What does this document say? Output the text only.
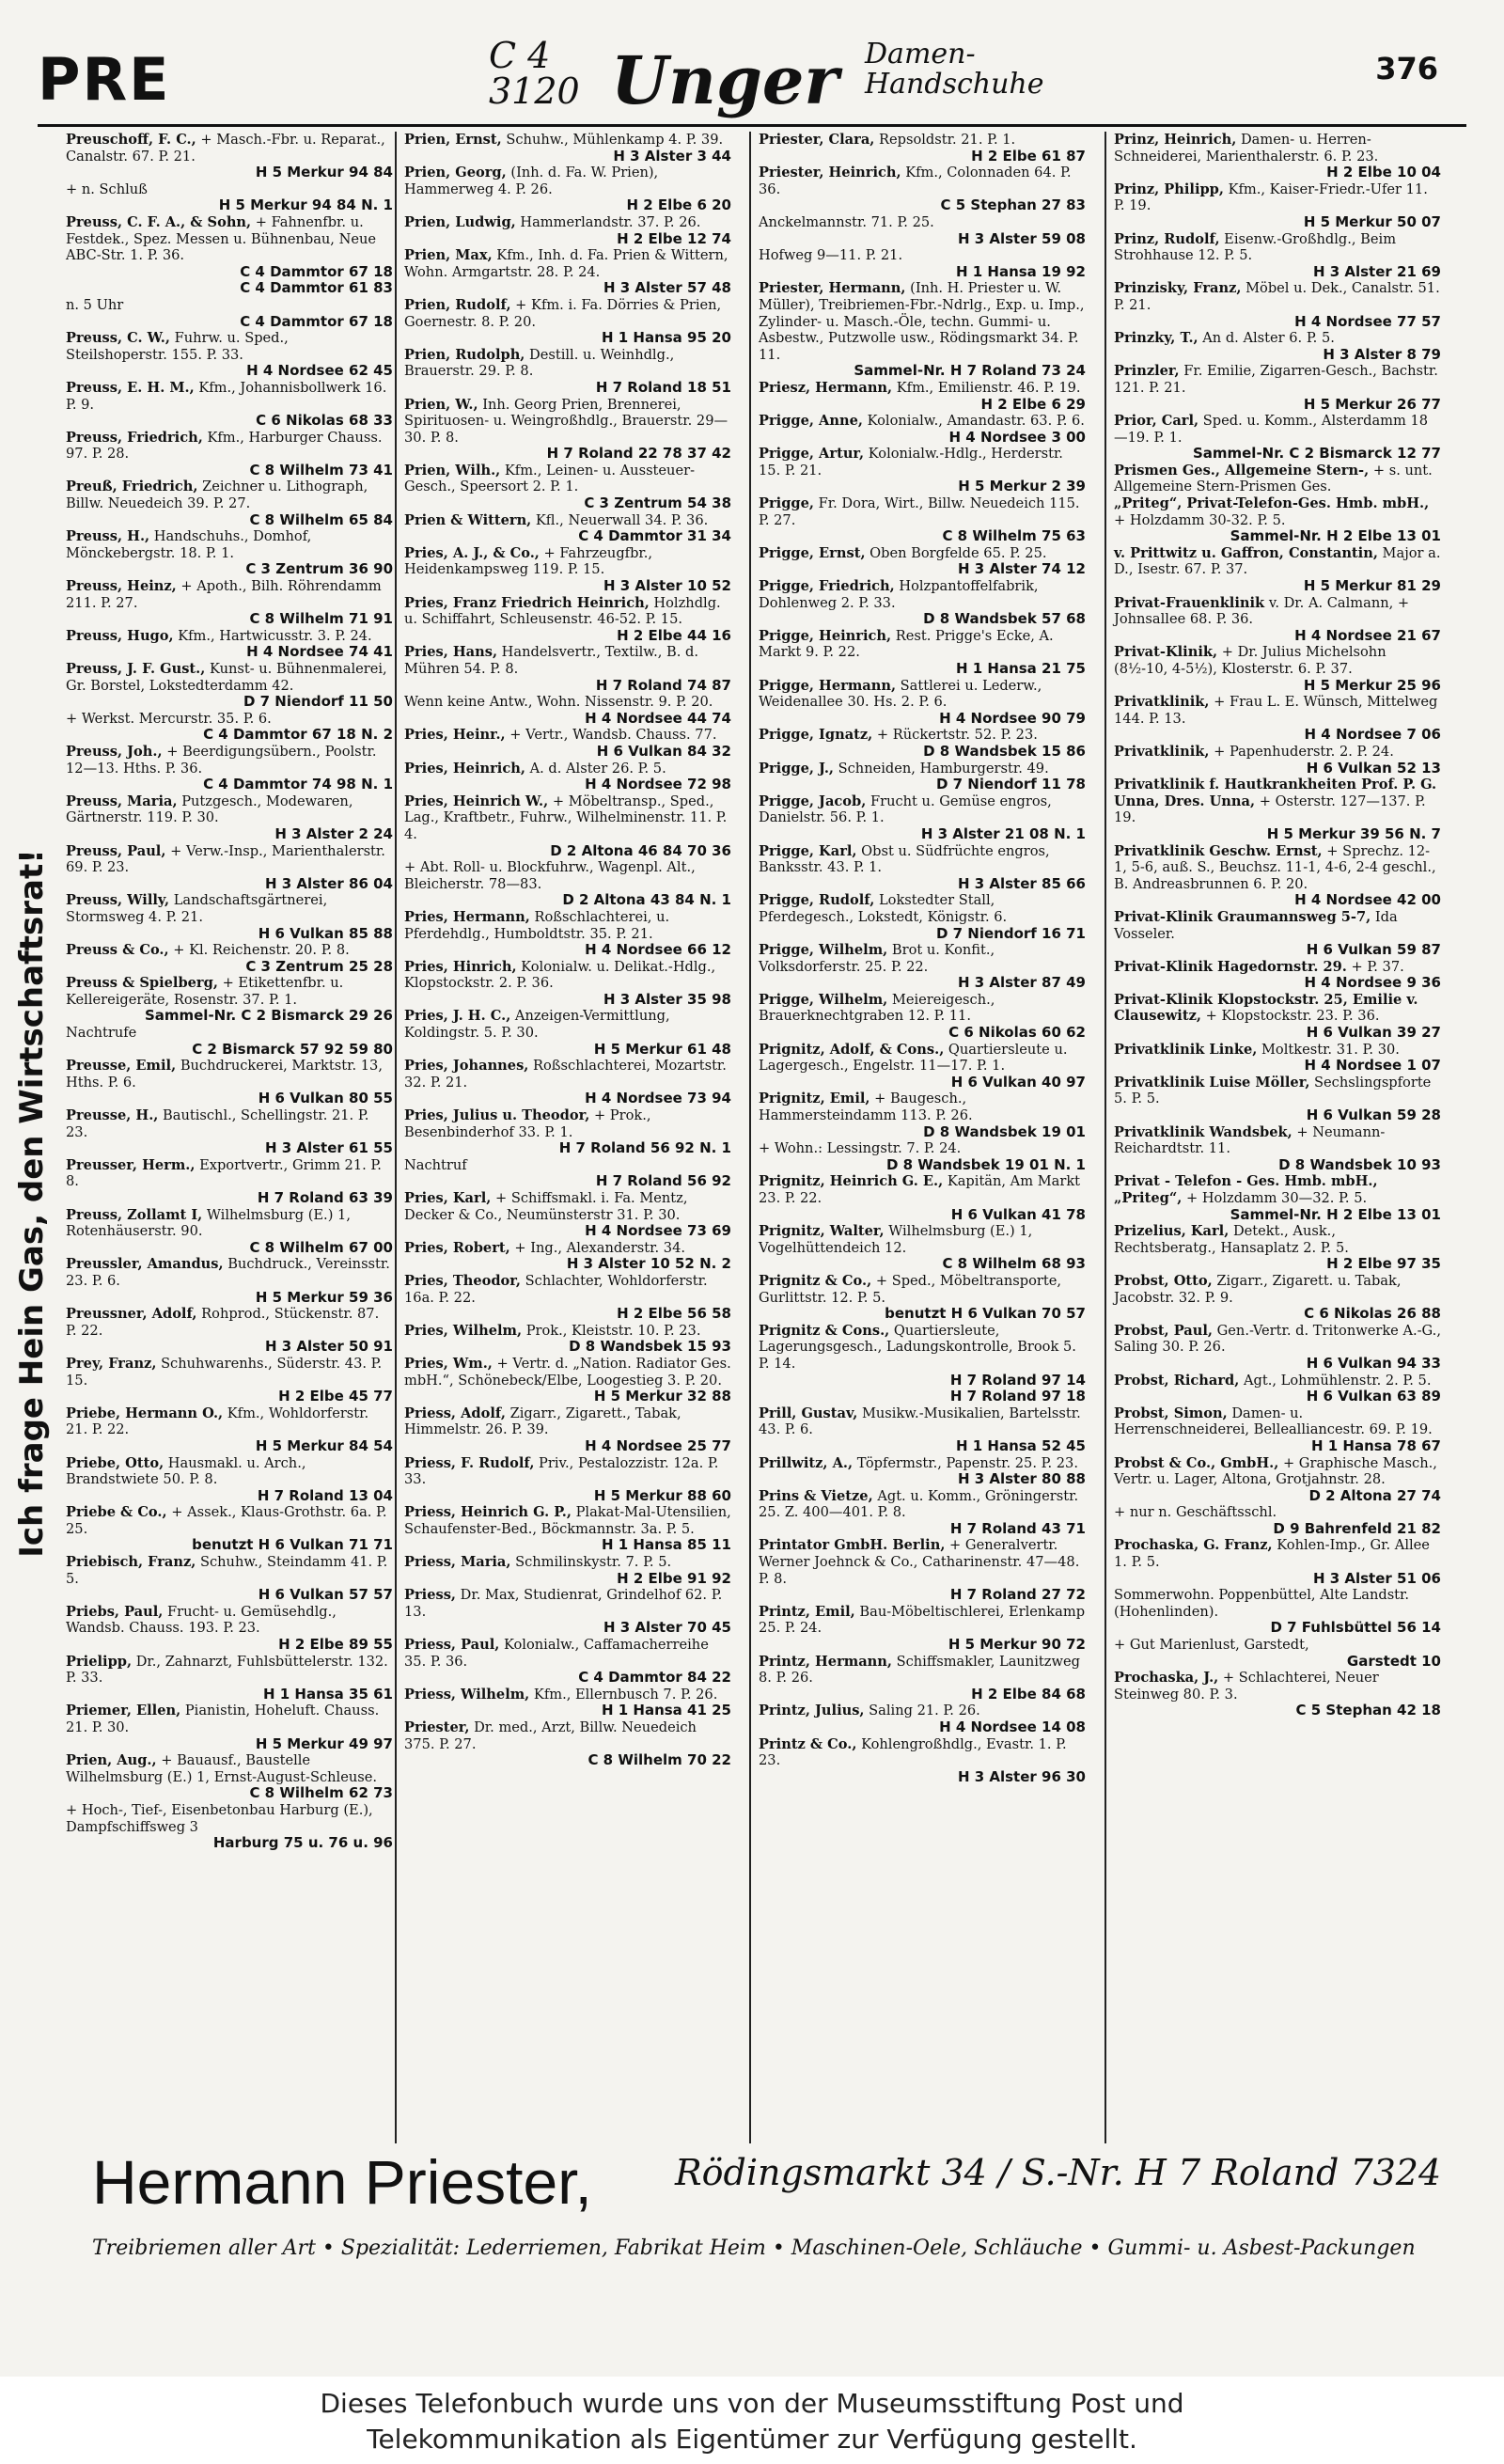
PRE	C 4
3120 Unger Damen-
Handschuhe	376
Ich frage Hein Gas, den Wirtschaftsrat!
Preuschoff, F. C., + Masch.-Fbr. u. Reparat., Canalstr. 67. P. 21.
H 5 Merkur 94 84
+ n. Schluß
H 5 Merkur 94 84 N. 1
Preuss, C. F. A., & Sohn, + Fahnenfbr. u. Festdek., Spez. Messen u. Bühnenbau, Neue ABC-Str. 1. P. 36.
C 4 Dammtor 67 18
C 4 Dammtor 61 83
n. 5 Uhr
C 4 Dammtor 67 18
Preuss, C. W., Fuhrw. u. Sped., Steilshoperstr. 155. P. 33.
H 4 Nordsee 62 45
Preuss, E. H. M., Kfm., Johannisbollwerk 16. P. 9.
C 6 Nikolas 68 33
Preuss, Friedrich, Kfm., Harburger Chauss. 97. P. 28.
C 8 Wilhelm 73 41
Preuß, Friedrich, Zeichner u. Lithograph, Billw. Neuedeich 39. P. 27.
C 8 Wilhelm 65 84
Preuss, H., Handschuhs., Domhof, Mönckebergstr. 18. P. 1.
C 3 Zentrum 36 90
Preuss, Heinz, + Apoth., Bilh. Röhrendamm 211. P. 27.
C 8 Wilhelm 71 91
Preuss, Hugo, Kfm., Hartwicusstr. 3. P. 24.
H 4 Nordsee 74 41
Preuss, J. F. Gust., Kunst- u. Bühnenmalerei, Gr. Borstel, Lokstedterdamm 42.
D 7 Niendorf 11 50
+ Werkst. Mercurstr. 35. P. 6.
C 4 Dammtor 67 18 N. 2
Preuss, Joh., + Beerdigungsübern., Poolstr. 12—13. Hths. P. 36.
C 4 Dammtor 74 98 N. 1
Preuss, Maria, Putzgesch., Modewaren, Gärtnerstr. 119. P. 30.
H 3 Alster 2 24
Preuss, Paul, + Verw.-Insp., Marienthalerstr. 69. P. 23.
H 3 Alster 86 04
Preuss, Willy, Landschaftsgärtnerei, Stormsweg 4. P. 21.
H 6 Vulkan 85 88
Preuss & Co., + Kl. Reichenstr. 20. P. 8.
C 3 Zentrum 25 28
Preuss & Spielberg, + Etikettenfbr. u. Kellereigeräte, Rosenstr. 37. P. 1.
Sammel-Nr. C 2 Bismarck 29 26
Nachtrufe
C 2 Bismarck 57 92 59 80
Preusse, Emil, Buchdruckerei, Marktstr. 13, Hths. P. 6.
H 6 Vulkan 80 55
Preusse, H., Bautischl., Schellingstr. 21. P. 23.
H 3 Alster 61 55
Preusser, Herm., Exportvertr., Grimm 21. P. 8.
H 7 Roland 63 39
Preuss, Zollamt I, Wilhelmsburg (E.) 1, Rotenhäuserstr. 90.
C 8 Wilhelm 67 00
Preussler, Amandus, Buchdruck., Vereinsstr. 23. P. 6.
H 5 Merkur 59 36
Preussner, Adolf, Rohprod., Stückenstr. 87. P. 22.
H 3 Alster 50 91
Prey, Franz, Schuhwarenhs., Süderstr. 43. P. 15.
H 2 Elbe 45 77
Priebe, Hermann O., Kfm., Wohldorferstr. 21. P. 22.
H 5 Merkur 84 54
Priebe, Otto, Hausmakl. u. Arch., Brandstwiete 50. P. 8.
H 7 Roland 13 04
Priebe & Co., + Assek., Klaus-Grothstr. 6a. P. 25.
benutzt H 6 Vulkan 71 71
Priebisch, Franz, Schuhw., Steindamm 41. P. 5.
H 6 Vulkan 57 57
Priebs, Paul, Frucht- u. Gemüsehdlg., Wandsb. Chauss. 193. P. 23.
H 2 Elbe 89 55
Prielipp, Dr., Zahnarzt, Fuhlsbüttelerstr. 132. P. 33.
H 1 Hansa 35 61
Priemer, Ellen, Pianistin, Hoheluft. Chauss. 21. P. 30.
H 5 Merkur 49 97
Prien, Aug., + Bauausf., Baustelle Wilhelmsburg (E.) 1, Ernst-August-Schleuse.
C 8 Wilhelm 62 73
+ Hoch-, Tief-, Eisenbetonbau Harburg (E.), Dampfschiffsweg 3
Harburg 75 u. 76 u. 96
Prien, Ernst, Schuhw., Mühlenkamp 4. P. 39.
H 3 Alster 3 44
Prien, Georg, (Inh. d. Fa. W. Prien), Hammerweg 4. P. 26.
H 2 Elbe 6 20
Prien, Ludwig, Hammerlandstr. 37. P. 26.
H 2 Elbe 12 74
Prien, Max, Kfm., Inh. d. Fa. Prien & Wittern, Wohn. Armgartstr. 28. P. 24.
H 3 Alster 57 48
Prien, Rudolf, + Kfm. i. Fa. Dörries & Prien, Goernestr. 8. P. 20.
H 1 Hansa 95 20
Prien, Rudolph, Destill. u. Weinhdlg., Brauerstr. 29. P. 8.
H 7 Roland 18 51
Prien, W., Inh. Georg Prien, Brennerei, Spirituosen- u. Weingroßhdlg., Brauerstr. 29—30. P. 8.
H 7 Roland 22 78 37 42
Prien, Wilh., Kfm., Leinen- u. Aussteuer-Gesch., Speersort 2. P. 1.
C 3 Zentrum 54 38
Prien & Wittern, Kfl., Neuerwall 34. P. 36.
C 4 Dammtor 31 34
Pries, A. J., & Co., + Fahrzeugfbr., Heidenkampsweg 119. P. 15.
H 3 Alster 10 52
Pries, Franz Friedrich Heinrich, Holzhdlg. u. Schiffahrt, Schleusenstr. 46-52. P. 15.
H 2 Elbe 44 16
Pries, Hans, Handelsvertr., Textilw., B. d. Mühren 54. P. 8.
H 7 Roland 74 87
Wenn keine Antw., Wohn. Nissenstr. 9. P. 20.
H 4 Nordsee 44 74
Pries, Heinr., + Vertr., Wandsb. Chauss. 77.
H 6 Vulkan 84 32
Pries, Heinrich, A. d. Alster 26. P. 5.
H 4 Nordsee 72 98
Pries, Heinrich W., + Möbeltransp., Sped., Lag., Kraftbetr., Fuhrw., Wilhelminenstr. 11. P. 4.
D 2 Altona 46 84 70 36
+ Abt. Roll- u. Blockfuhrw., Wagenpl. Alt., Bleicherstr. 78—83.
D 2 Altona 43 84 N. 1
Pries, Hermann, Roßschlachterei, u. Pferdehdlg., Humboldtstr. 35. P. 21.
H 4 Nordsee 66 12
Pries, Hinrich, Kolonialw. u. Delikat.-Hdlg., Klopstockstr. 2. P. 36.
H 3 Alster 35 98
Pries, J. H. C., Anzeigen-Vermittlung, Koldingstr. 5. P. 30.
H 5 Merkur 61 48
Pries, Johannes, Roßschlachterei, Mozartstr. 32. P. 21.
H 4 Nordsee 73 94
Pries, Julius u. Theodor, + Prok., Besenbinderhof 33. P. 1.
H 7 Roland 56 92 N. 1
Nachtruf
H 7 Roland 56 92
Pries, Karl, + Schiffsmakl. i. Fa. Mentz, Decker & Co., Neumünsterstr 31. P. 30.
H 4 Nordsee 73 69
Pries, Robert, + Ing., Alexanderstr. 34.
H 3 Alster 10 52 N. 2
Pries, Theodor, Schlachter, Wohldorferstr. 16a. P. 22.
H 2 Elbe 56 58
Pries, Wilhelm, Prok., Kleiststr. 10. P. 23.
D 8 Wandsbek 15 93
Pries, Wm., + Vertr. d. „Nation. Radiator Ges. mbH.“, Schönebeck/Elbe, Loogestieg 3. P. 20.
H 5 Merkur 32 88
Priess, Adolf, Zigarr., Zigarett., Tabak, Himmelstr. 26. P. 39.
H 4 Nordsee 25 77
Priess, F. Rudolf, Priv., Pestalozzistr. 12a. P. 33.
H 5 Merkur 88 60
Priess, Heinrich G. P., Plakat-Mal-Utensilien, Schaufenster-Bed., Böckmannstr. 3a. P. 5.
H 1 Hansa 85 11
Priess, Maria, Schmilinskystr. 7. P. 5.
H 2 Elbe 91 92
Priess, Dr. Max, Studienrat, Grindelhof 62. P. 13.
H 3 Alster 70 45
Priess, Paul, Kolonialw., Caffamacherreihe 35. P. 36.
C 4 Dammtor 84 22
Priess, Wilhelm, Kfm., Ellernbusch 7. P. 26.
H 1 Hansa 41 25
Priester, Dr. med., Arzt, Billw. Neuedeich 375. P. 27.
C 8 Wilhelm 70 22
Priester, Clara, Repsoldstr. 21. P. 1.
H 2 Elbe 61 87
Priester, Heinrich, Kfm., Colonnaden 64. P. 36.
C 5 Stephan 27 83
Anckelmannstr. 71. P. 25.
H 3 Alster 59 08
Hofweg 9—11. P. 21.
H 1 Hansa 19 92
Priester, Hermann, (Inh. H. Priester u. W. Müller), Treibriemen-Fbr.-Ndrlg., Exp. u. Imp., Zylinder- u. Masch.-Öle, techn. Gummi- u. Asbestw., Putzwolle usw., Rödingsmarkt 34. P. 11.
Sammel-Nr. H 7 Roland 73 24
Priesz, Hermann, Kfm., Emilienstr. 46. P. 19.
H 2 Elbe 6 29
Prigge, Anne, Kolonialw., Amandastr. 63. P. 6.
H 4 Nordsee 3 00
Prigge, Artur, Kolonialw.-Hdlg., Herderstr. 15. P. 21.
H 5 Merkur 2 39
Prigge, Fr. Dora, Wirt., Billw. Neuedeich 115. P. 27.
C 8 Wilhelm 75 63
Prigge, Ernst, Oben Borgfelde 65. P. 25.
H 3 Alster 74 12
Prigge, Friedrich, Holzpantoffelfabrik, Dohlenweg 2. P. 33.
D 8 Wandsbek 57 68
Prigge, Heinrich, Rest. Prigge's Ecke, A. Markt 9. P. 22.
H 1 Hansa 21 75
Prigge, Hermann, Sattlerei u. Lederw., Weidenallee 30. Hs. 2. P. 6.
H 4 Nordsee 90 79
Prigge, Ignatz, + Rückertstr. 52. P. 23.
D 8 Wandsbek 15 86
Prigge, J., Schneiden, Hamburgerstr. 49.
D 7 Niendorf 11 78
Prigge, Jacob, Frucht u. Gemüse engros, Danielstr. 56. P. 1.
H 3 Alster 21 08 N. 1
Prigge, Karl, Obst u. Südfrüchte engros, Banksstr. 43. P. 1.
H 3 Alster 85 66
Prigge, Rudolf, Lokstedter Stall, Pferdegesch., Lokstedt, Königstr. 6.
D 7 Niendorf 16 71
Prigge, Wilhelm, Brot u. Konfit., Volksdorferstr. 25. P. 22.
H 3 Alster 87 49
Prigge, Wilhelm, Meiereigesch., Brauerknechtgraben 12. P. 11.
C 6 Nikolas 60 62
Prignitz, Adolf, & Cons., Quartiersleute u. Lagergesch., Engelstr. 11—17. P. 1.
H 6 Vulkan 40 97
Prignitz, Emil, + Baugesch., Hammersteindamm 113. P. 26.
D 8 Wandsbek 19 01
+ Wohn.: Lessingstr. 7. P. 24.
D 8 Wandsbek 19 01 N. 1
Prignitz, Heinrich G. E., Kapitän, Am Markt 23. P. 22.
H 6 Vulkan 41 78
Prignitz, Walter, Wilhelmsburg (E.) 1, Vogelhüttendeich 12.
C 8 Wilhelm 68 93
Prignitz & Co., + Sped., Möbeltransporte, Gurlittstr. 12. P. 5.
benutzt H 6 Vulkan 70 57
Prignitz & Cons., Quartiersleute, Lagerungsgesch., Ladungskontrolle, Brook 5. P. 14.
H 7 Roland 97 14
H 7 Roland 97 18
Prill, Gustav, Musikw.-Musikalien, Bartelsstr. 43. P. 6.
H 1 Hansa 52 45
Prillwitz, A., Töpfermstr., Papenstr. 25. P. 23.
H 3 Alster 80 88
Prins & Vietze, Agt. u. Komm., Gröningerstr. 25. Z. 400—401. P. 8.
H 7 Roland 43 71
Printator GmbH. Berlin, + Generalvertr. Werner Joehnck & Co., Catharinenstr. 47—48. P. 8.
H 7 Roland 27 72
Printz, Emil, Bau-Möbeltischlerei, Erlenkamp 25. P. 24.
H 5 Merkur 90 72
Printz, Hermann, Schiffsmakler, Launitzweg 8. P. 26.
H 2 Elbe 84 68
Printz, Julius, Saling 21. P. 26.
H 4 Nordsee 14 08
Printz & Co., Kohlengroßhdlg., Evastr. 1. P. 23.
H 3 Alster 96 30
Prinz, Heinrich, Damen- u. Herren-Schneiderei, Marienthalerstr. 6. P. 23.
H 2 Elbe 10 04
Prinz, Philipp, Kfm., Kaiser-Friedr.-Ufer 11. P. 19.
H 5 Merkur 50 07
Prinz, Rudolf, Eisenw.-Großhdlg., Beim Strohhause 12. P. 5.
H 3 Alster 21 69
Prinzisky, Franz, Möbel u. Dek., Canalstr. 51. P. 21.
H 4 Nordsee 77 57
Prinzky, T., An d. Alster 6. P. 5.
H 3 Alster 8 79
Prinzler, Fr. Emilie, Zigarren-Gesch., Bachstr. 121. P. 21.
H 5 Merkur 26 77
Prior, Carl, Sped. u. Komm., Alsterdamm 18—19. P. 1.
Sammel-Nr. C 2 Bismarck 12 77
Prismen Ges., Allgemeine Stern-, + s. unt. Allgemeine Stern-Prismen Ges.
„Priteg“, Privat-Telefon-Ges. Hmb. mbH., + Holzdamm 30-32. P. 5.
Sammel-Nr. H 2 Elbe 13 01
v. Prittwitz u. Gaffron, Constantin, Major a. D., Isestr. 67. P. 37.
H 5 Merkur 81 29
Privat-Frauenklinik v. Dr. A. Calmann, + Johnsallee 68. P. 36.
H 4 Nordsee 21 67
Privat-Klinik, + Dr. Julius Michelsohn (8½-10, 4-5½), Klosterstr. 6. P. 37.
H 5 Merkur 25 96
Privatklinik, + Frau L. E. Wünsch, Mittelweg 144. P. 13.
H 4 Nordsee 7 06
Privatklinik, + Papenhuderstr. 2. P. 24.
H 6 Vulkan 52 13
Privatklinik f. Hautkrankheiten Prof. P. G. Unna, Dres. Unna, + Osterstr. 127—137. P. 19.
H 5 Merkur 39 56 N. 7
Privatklinik Geschw. Ernst, + Sprechz. 12-1, 5-6, auß. S., Beuchsz. 11-1, 4-6, 2-4 geschl., B. Andreasbrunnen 6. P. 20.
H 4 Nordsee 42 00
Privat-Klinik Graumannsweg 5-7, Ida Vosseler.
H 6 Vulkan 59 87
Privat-Klinik Hagedornstr. 29. + P. 37.
H 4 Nordsee 9 36
Privat-Klinik Klopstockstr. 25, Emilie v. Clausewitz, + Klopstockstr. 23. P. 36.
H 6 Vulkan 39 27
Privatklinik Linke, Moltkestr. 31. P. 30.
H 4 Nordsee 1 07
Privatklinik Luise Möller, Sechslingspforte 5. P. 5.
H 6 Vulkan 59 28
Privatklinik Wandsbek, + Neumann-Reichardtstr. 11.
D 8 Wandsbek 10 93
Privat - Telefon - Ges. Hmb. mbH., „Priteg“, + Holzdamm 30—32. P. 5.
Sammel-Nr. H 2 Elbe 13 01
Prizelius, Karl, Detekt., Ausk., Rechtsberatg., Hansaplatz 2. P. 5.
H 2 Elbe 97 35
Probst, Otto, Zigarr., Zigarett. u. Tabak, Jacobstr. 32. P. 9.
C 6 Nikolas 26 88
Probst, Paul, Gen.-Vertr. d. Tritonwerke A.-G., Saling 30. P. 26.
H 6 Vulkan 94 33
Probst, Richard, Agt., Lohmühlenstr. 2. P. 5.
H 6 Vulkan 63 89
Probst, Simon, Damen- u. Herrenschneiderei, Bellealliancestr. 69. P. 19.
H 1 Hansa 78 67
Probst & Co., GmbH., + Graphische Masch., Vertr. u. Lager, Altona, Grotjahnstr. 28.
D 2 Altona 27 74
+ nur n. Geschäftsschl.
D 9 Bahrenfeld 21 82
Prochaska, G. Franz, Kohlen-Imp., Gr. Allee 1. P. 5.
H 3 Alster 51 06
Sommerwohn. Poppenbüttel, Alte Landstr. (Hohenlinden).
D 7 Fuhlsbüttel 56 14
+ Gut Marienlust, Garstedt,
Garstedt 10
Prochaska, J., + Schlachterei, Neuer Steinweg 80. P. 3.
C 5 Stephan 42 18
Hermann Priester, Rödingsmarkt 34 / S.-Nr. H 7 Roland 7324
Treibriemen aller Art • Spezialität: Lederriemen, Fabrikat Heim • Maschinen-Oele, Schläuche • Gummi- u. Asbest-Packungen
Dieses Telefonbuch wurde uns von der Museumsstiftung Post und
Telekommunikation als Eigentümer zur Verfügung gestellt.
